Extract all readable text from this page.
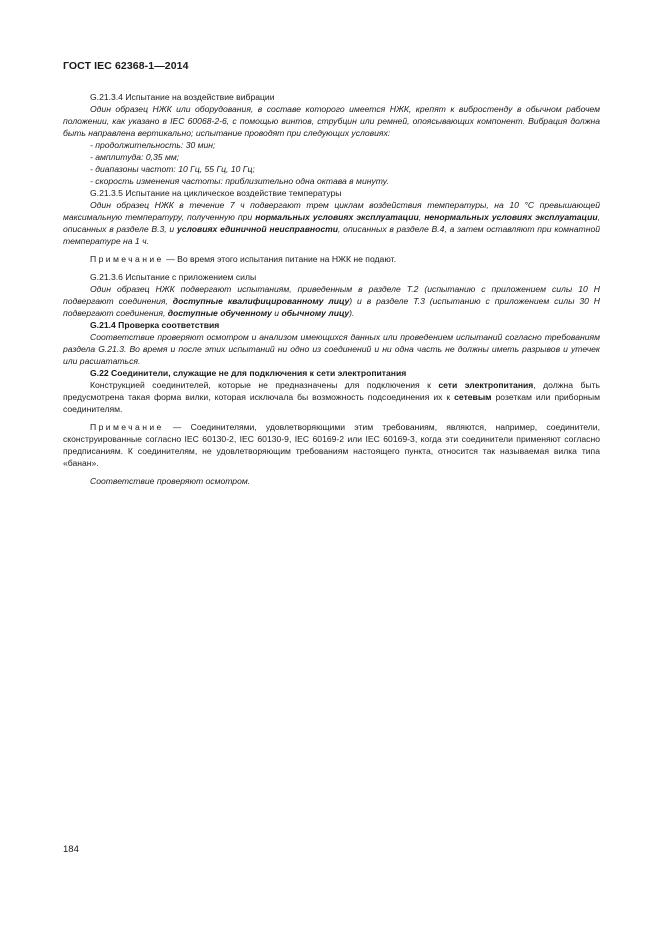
ГОСТ IEC 62368-1—2014

G.21.3.4 Испытание на воздействие вибрации

Один образец НЖК или оборудования, в составе которого имеется НЖК, крепят к вибростенду в обычном рабочем положении, как указано в IEC 60068-2-6, с помощью винтов, струбцин или ремней, опоясывающих компонент. Вибрация должна быть направлена вертикально; испытание проводят при следующих условиях:

- продолжительность: 30 мин;

- амплитуда: 0,35 мм;

- диапазоны частот: 10 Гц, 55 Гц, 10 Гц;

- скорость изменения частоты: приблизительно одна октава в минуту.

G.21.3.5 Испытание на циклическое воздействие температуры

Один образец НЖК в течение 7 ч подвергают трем циклам воздействия температуры, на 10 °С превышающей максимальную температуру, полученную при нормальных условиях эксплуатации, ненормальных условиях эксплуатации, описанных в разделе В.3, и условиях единичной неисправности, описанных в разделе В.4, а затем оставляют при комнатной температуре на 1 ч.

Примечание — Во время этого испытания питание на НЖК не подают.

G.21.3.6 Испытание с приложением силы

Один образец НЖК подвергают испытаниям, приведенным в разделе Т.2 (испытанию с приложением силы 10 Н подвергают соединения, доступные квалифицированному лицу) и в разделе Т.3 (испытанию с приложением силы 30 Н подвергают соединения, доступные обученному и обычному лицу).

G.21.4 Проверка соответствия

Соответствие проверяют осмотром и анализом имеющихся данных или проведением испытаний согласно требованиям раздела G.21.3. Во время и после этих испытаний ни одно из соединений и ни одна часть не должны иметь разрывов и утечек или расшататься.

G.22 Соединители, служащие не для подключения к сети электропитания

Конструкцией соединителей, которые не предназначены для подключения к сети электропитания, должна быть предусмотрена такая форма вилки, которая исключала бы возможность подсоединения их к сетевым розеткам или приборным соединителям.

Примечание — Соединителями, удовлетворяющими этим требованиям, являются, например, соединители, сконструированные согласно IEC 60130-2, IEC 60130-9, IEC 60169-2 или IEC 60169-3, когда эти соединители применяют согласно предписаниям. К соединителям, не удовлетворяющим требованиям настоящего пункта, относится так называемая вилка типа «банан».

Соответствие проверяют осмотром.

184
